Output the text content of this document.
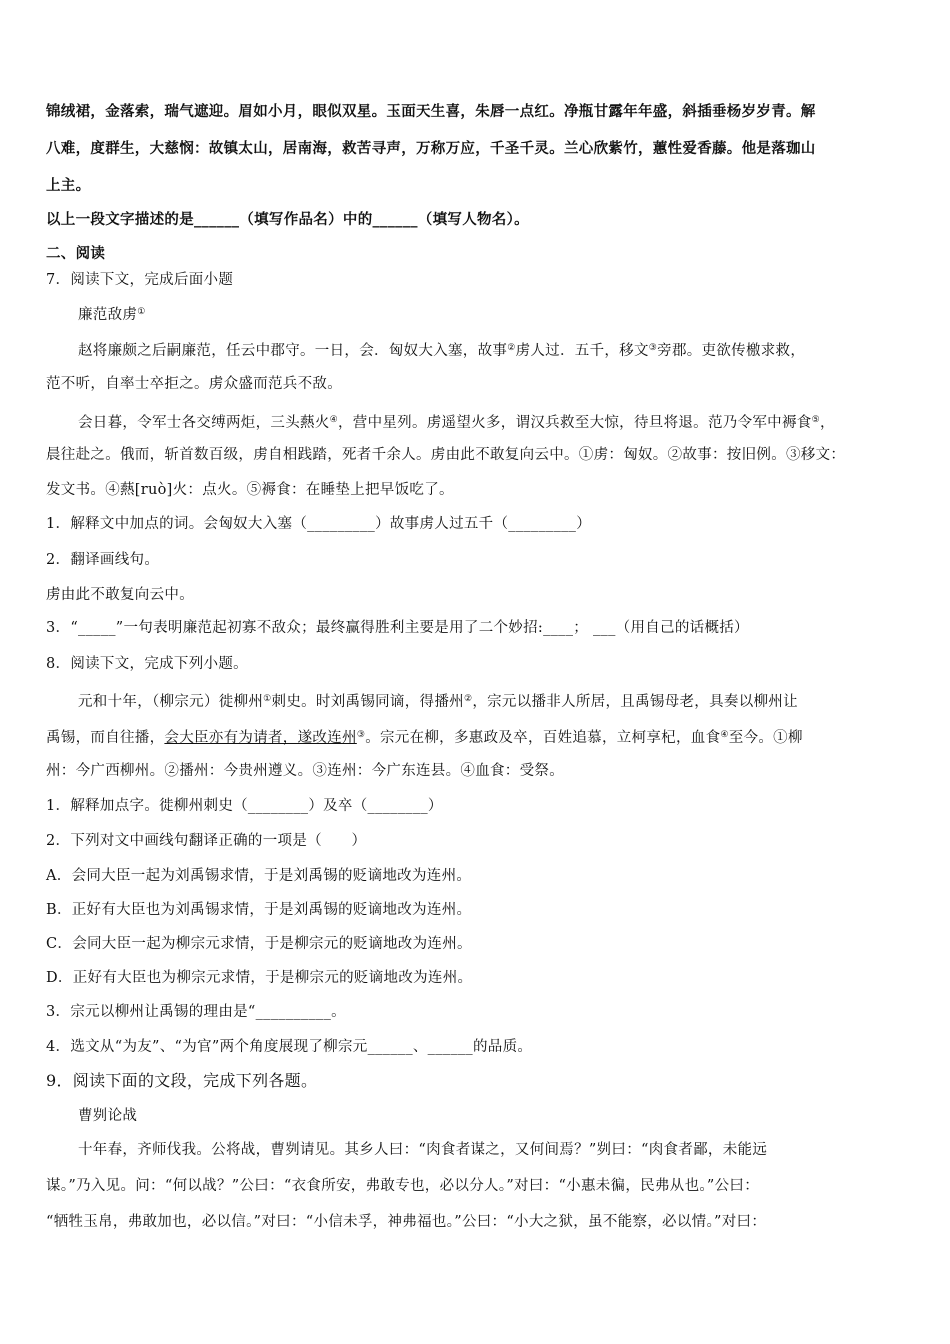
锦绒裙，金落索，瑞气遮迎。眉如小月，眼似双星。玉面天生喜，朱唇一点红。净瓶甘露年年盛，斜插垂杨岁岁青。解
八难，度群生，大慈悯：故镇太山，居南海，救苦寻声，万称万应，千圣千灵。兰心欣紫竹，蕙性爱香藤。他是落珈山
上主。
以上一段文字描述的是______（填写作品名）中的______（填写人物名）。
二、阅读
7．阅读下文，完成后面小题
廉范敌虏①
赵将廉颇之后嗣廉范，任云中郡守。一日，会．匈奴大入塞，故事②虏人过．五千，移文③旁郡。吏欲传檄求救，
范不听，自率士卒拒之。虏众盛而范兵不敌。
会日暮，令军士各交缚两炬，三头爇火④，营中星列。虏遥望火多，谓汉兵救至大惊，待旦将退。范乃令军中褥食⑤，
晨往赴之。俄而，斩首数百级，虏自相践踏，死者千余人。虏由此不敢复向云中。①虏：匈奴。②故事：按旧例。③移文：
发文书。④爇[ruò]火：点火。⑤褥食：在睡垫上把早饭吃了。
1．解释文中加点的词。会匈奴大入塞（_________）故事虏人过五千（_________）
2．翻译画线句。
虏由此不敢复向云中。
3．“_____”一句表明廉范起初寡不敌众；最终赢得胜利主要是用了二个妙招:____； ___（用自己的话概括）
8．阅读下文，完成下列小题。
元和十年，（柳宗元）徙柳州①刺史。时刘禹锡同谪，得播州②，宗元以播非人所居，且禹锡母老，具奏以柳州让
禹锡，而自往播，会大臣亦有为请者，遂改连州③。宗元在柳，多惠政及卒，百姓追慕，立柯享杞，血食④至今。①柳
州：今广西柳州。②播州：今贵州遵义。③连州：今广东连县。④血食：受祭。
1．解释加点字。徙柳州刺史（________）及卒（________）
2．下列对文中画线句翻译正确的一项是（　　）
A．会同大臣一起为刘禹锡求情，于是刘禹锡的贬谪地改为连州。
B．正好有大臣也为刘禹锡求情，于是刘禹锡的贬谪地改为连州。
C．会同大臣一起为柳宗元求情，于是柳宗元的贬谪地改为连州。
D．正好有大臣也为柳宗元求情，于是柳宗元的贬谪地改为连州。
3．宗元以柳州让禹锡的理由是“__________。
4．选文从“为友”、“为官”两个角度展现了柳宗元______、______的品质。
9．阅读下面的文段，完成下列各题。
曹刿论战
十年春，齐师伐我。公将战，曹刿请见。其乡人曰：“肉食者谋之，又何间焉？”刿曰：“肉食者鄙，未能远
谋。”乃入见。问：“何以战？”公曰：“衣食所安，弗敢专也，必以分人。”对曰：“小惠未徧，民弗从也。”公曰：
“牺牲玉帛，弗敢加也，必以信。”对曰：“小信未孚，神弗福也。”公曰：“小大之狱，虽不能察，必以情。”对曰：
